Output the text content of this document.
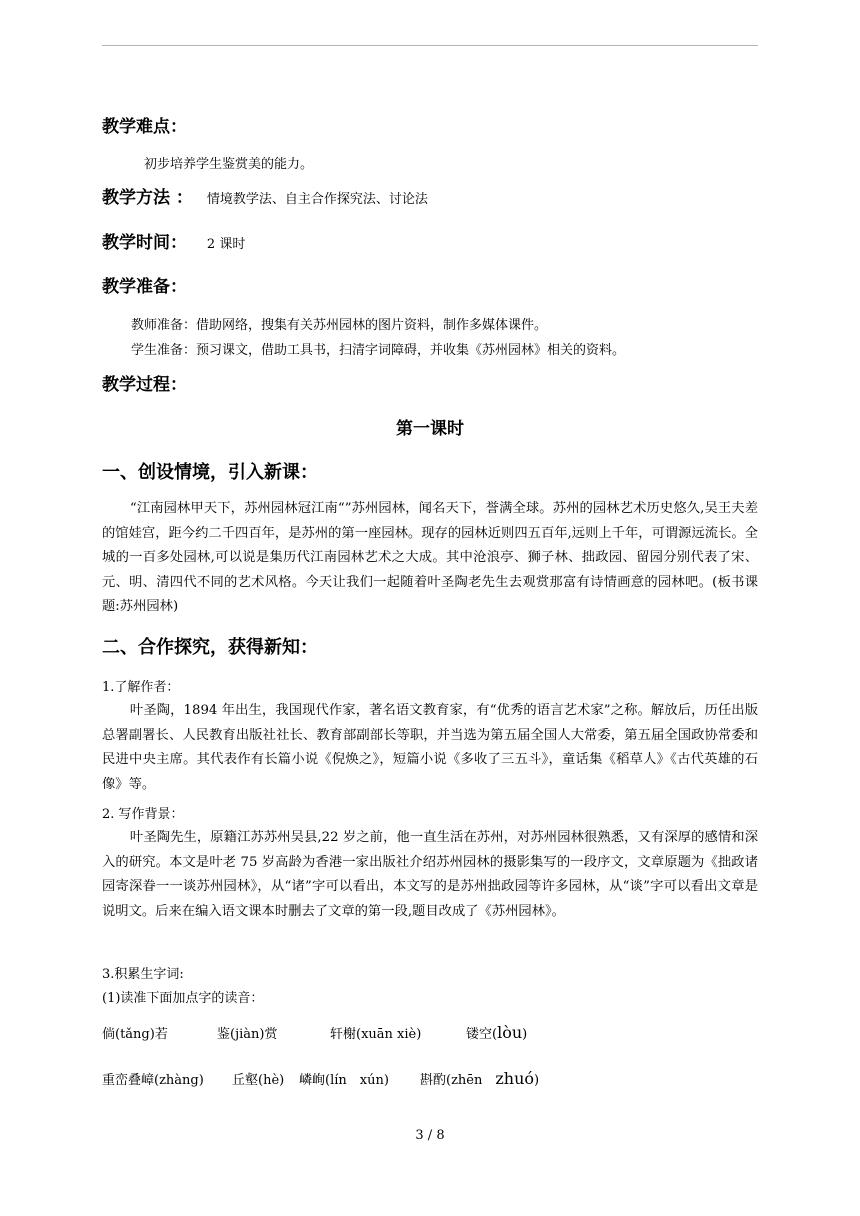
教学难点：

初步培养学生鉴赏美的能力。

教学方法 ： 情境教学法、自主合作探究法、讨论法
教学时间： 2 课时
教学准备：

教师准备：借助网络，搜集有关苏州园林的图片资料，制作多媒体课件。

学生准备：预习课文，借助工具书，扫清字词障碍，并收集《苏州园林》相关的资料。

教学过程：
第一课时
一、创设情境，引入新课：

“江南园林甲天下，苏州园林冠江南“”苏州园林，闻名天下，誉满全球。苏州的园林艺术历史悠久,吴王夫差的馆娃宫，距今约二千四百年，是苏州的第一座园林。现存的园林近则四五百年,远则上千年，可谓源远流长。全城的一百多处园林,可以说是集历代江南园林艺术之大成。其中沧浪亭、狮子林、拙政园、留园分别代表了宋、元、明、清四代不同的艺术风格。今天让我们一起随着叶圣陶老先生去观赏那富有诗情画意的园林吧。(板书课题:苏州园林)

二、合作探究，获得新知：

1.了解作者：

叶圣陶，1894 年出生，我国现代作家，著名语文教育家，有“优秀的语言艺术家”之称。解放后，历任出版总署副署长、人民教育出版社社长、教育部副部长等职，并当选为第五届全国人大常委，第五届全国政协常委和民进中央主席。其代表作有长篇小说《倪焕之》，短篇小说《多收了三五斗》，童话集《稻草人》《古代英雄的石像》等。

2. 写作背景：

叶圣陶先生，原籍江苏苏州吴县,22 岁之前，他一直生活在苏州，对苏州园林很熟悉，又有深厚的感情和深入的研究。本文是叶老 75 岁高龄为香港一家出版社介绍苏州园林的摄影集写的一段序文，文章原题为《拙政诸园寄深眷一一谈苏州园林》，从“诸”字可以看出，本文写的是苏州拙政园等许多园林，从“谈”字可以看出文章是说明文。后来在编入语文课本时删去了文章的第一段,题目改成了《苏州园林》。

3.积累生字词:

(1)读准下面加点字的读音：

倘(tǎng)若	鉴(jiàn)赏	轩榭(xuān xiè)	镂空(lòu)
重峦叠嶂(zhàng) 丘壑(hè) 嶙峋(lín　xún) 斟酌(zhēn　zhuó)
3 / 8
